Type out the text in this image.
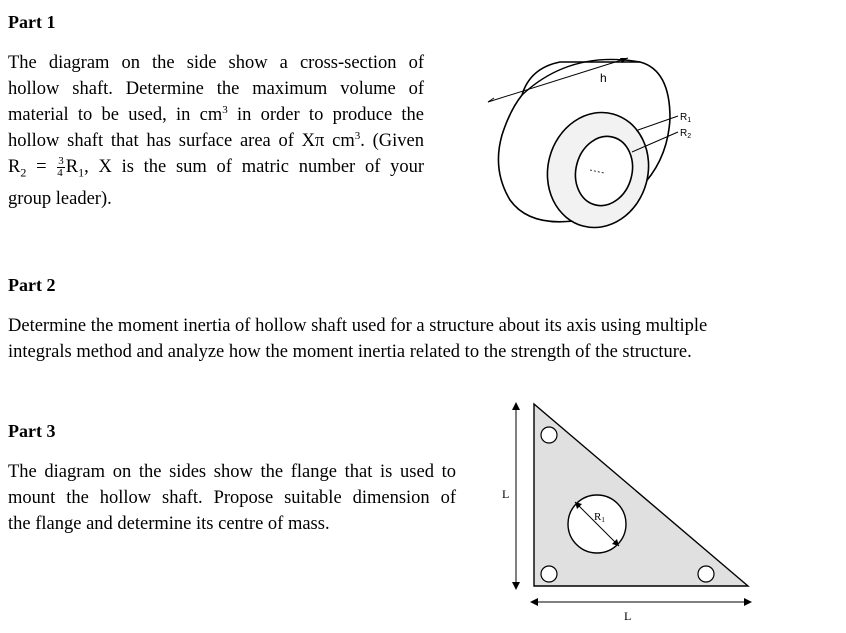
Part 1
The diagram on the side show a cross-section of
hollow shaft. Determine the maximum volume of
material to be used, in $cm^3$ in order to produce the
hollow shaft that has surface area of Xπ $cm^3$. (Given
$R_2 = \frac{3}{4} R_1$, X is the sum of matric number of your
group leader).
h
$R_1$
$R_2$
Part 2
Determine the moment inertia of hollow shaft used for a structure about its axis using multiple
integrals method and analyze how the moment inertia related to the strength of the structure.
Part 3
The diagram on the sides show the flange that is used to
mount the hollow shaft. Propose suitable dimension of
the flange and determine its centre of mass.
L
R1
L
